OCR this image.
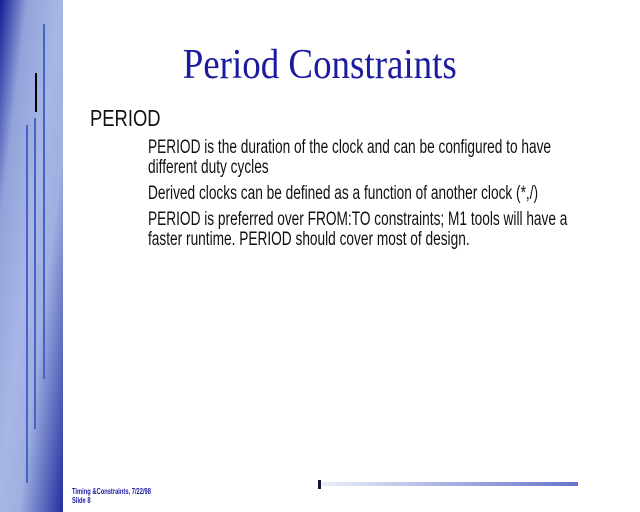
Period Constraints
PERIOD
PERIOD is the duration of the clock and can be configured to have
different duty cycles
Derived clocks can be defined as a function of another clock (*,/)
PERIOD is preferred over FROM:TO constraints; M1 tools will have a
faster runtime. PERIOD should cover most of design.
Timing &Constraints, 7/22/98
Slide 8
